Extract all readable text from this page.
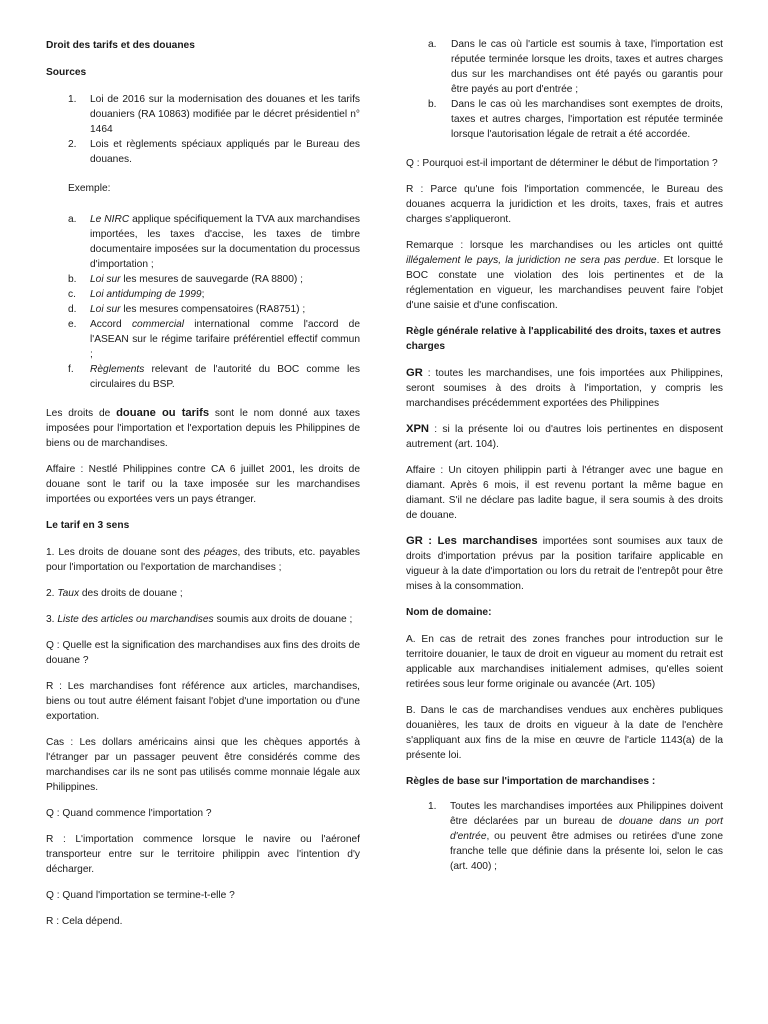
Droit des tarifs et des douanes
Sources
1. Loi de 2016 sur la modernisation des douanes et les tarifs douaniers (RA 10863) modifiée par le décret présidentiel n° 1464
2. Lois et règlements spéciaux appliqués par le Bureau des douanes.

Exemple:

a. Le NIRC applique spécifiquement la TVA aux marchandises importées, les taxes d'accise, les taxes de timbre documentaire imposées sur la documentation du processus d'importation ;
b. Loi sur les mesures de sauvegarde (RA 8800) ;
c. Loi antidumping de 1999;
d. Loi sur les mesures compensatoires (RA8751) ;
e. Accord commercial international comme l'accord de l'ASEAN sur le régime tarifaire préférentiel effectif commun ;
f. Règlements relevant de l'autorité du BOC comme les circulaires du BSP.

Les droits de douane ou tarifs sont le nom donné aux taxes imposées pour l'importation et l'exportation depuis les Philippines de biens ou de marchandises.

Affaire : Nestlé Philippines contre CA 6 juillet 2001, les droits de douane sont le tarif ou la taxe imposée sur les marchandises importées ou exportées vers un pays étranger.

Le tarif en 3 sens

1. Les droits de douane sont des péages, des tributs, etc. payables pour l'importation ou l'exportation de marchandises ;

2. Taux des droits de douane ;

3. Liste des articles ou marchandises soumis aux droits de douane ;

Q : Quelle est la signification des marchandises aux fins des droits de douane ?

R : Les marchandises font référence aux articles, marchandises, biens ou tout autre élément faisant l'objet d'une importation ou d'une exportation.

Cas : Les dollars américains ainsi que les chèques apportés à l'étranger par un passager peuvent être considérés comme des marchandises car ils ne sont pas utilisés comme monnaie légale aux Philippines.

Q : Quand commence l'importation ?

R : L'importation commence lorsque le navire ou l'aéronef transporteur entre sur le territoire philippin avec l'intention d'y décharger.

Q : Quand l'importation se termine-t-elle ?

R : Cela dépend.

a. Dans le cas où l'article est soumis à taxe, l'importation est réputée terminée lorsque les droits, taxes et autres charges dus sur les marchandises ont été payés ou garantis pour être payés au port d'entrée ;
b. Dans le cas où les marchandises sont exemptes de droits, taxes et autres charges, l'importation est réputée terminée lorsque l'autorisation légale de retrait a été accordée.

Q : Pourquoi est-il important de déterminer le début de l'importation ?

R : Parce qu'une fois l'importation commencée, le Bureau des douanes acquerra la juridiction et les droits, taxes, frais et autres charges s'appliqueront.

Remarque : lorsque les marchandises ou les articles ont quitté illégalement le pays, la juridiction ne sera pas perdue. Et lorsque le BOC constate une violation des lois pertinentes et de la réglementation en vigueur, les marchandises peuvent faire l'objet d'une saisie et d'une confiscation.

Règle générale relative à l'applicabilité des droits, taxes et autres charges

GR : toutes les marchandises, une fois importées aux Philippines, seront soumises à des droits à l'importation, y compris les marchandises précédemment exportées des Philippines

XPN : si la présente loi ou d'autres lois pertinentes en disposent autrement (art. 104).

Affaire : Un citoyen philippin parti à l'étranger avec une bague en diamant. Après 6 mois, il est revenu portant la même bague en diamant. S'il ne déclare pas ladite bague, il sera soumis à des droits de douane.

GR : Les marchandises importées sont soumises aux taux de droits d'importation prévus par la position tarifaire applicable en vigueur à la date d'importation ou lors du retrait de l'entrepôt pour être mises à la consommation.

Nom de domaine:

A. En cas de retrait des zones franches pour introduction sur le territoire douanier, le taux de droit en vigueur au moment du retrait est applicable aux marchandises initialement admises, qu'elles soient retirées sous leur forme originale ou avancée (Art. 105)

B. Dans le cas de marchandises vendues aux enchères publiques douanières, les taux de droits en vigueur à la date de l'enchère s'appliquant aux fins de la mise en œuvre de l'article 1143(a) de la présente loi.

Règles de base sur l'importation de marchandises :
1. Toutes les marchandises importées aux Philippines doivent être déclarées par un bureau de douane dans un port d'entrée, ou peuvent être admises ou retirées d'une zone franche telle que définie dans la présente loi, selon le cas (art. 400) ;
